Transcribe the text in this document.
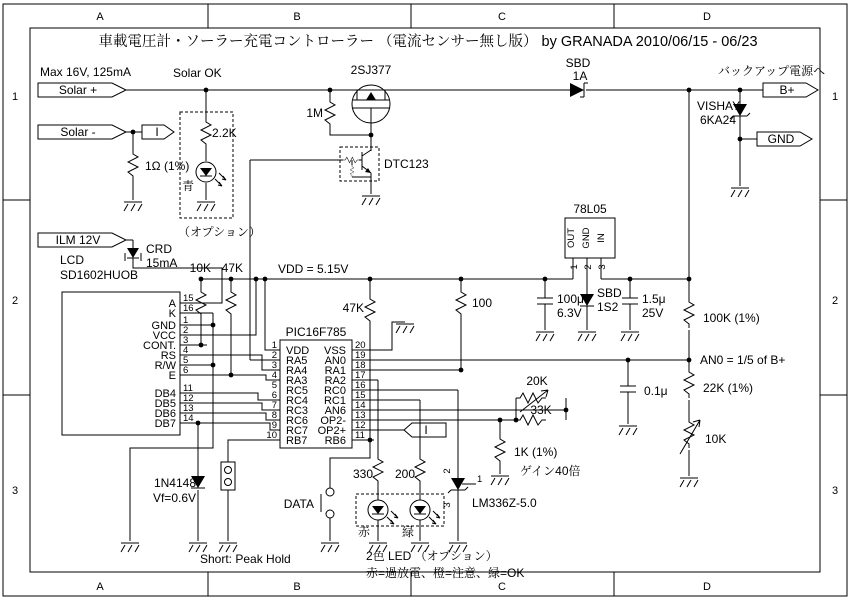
A	B	C	D
A	B	C	D
1
2
3
1
2
3
車載電圧計・ソーラー充電コントローラー （電流センサー無し版） by GRANADA 2010/06/15 - 06/23
Max 16V, 125mA
Solar +
Solar -	I
1Ω (1%)
Solar OK
2.2K
青
（オプション）
2SJ377
1M
DTC123
SBD
1A	バックアップ電源へ
B+
GND
VISHAY
6KA24
ILM 12V
CRD
15mA
LCD
SD1602HUOB	10K 47K	VDD = 5.15V
47K	100
I
PIC16F785
78L05
OUT GND IN
1 2 3
100μ
6.3V
SBD
1S2
1.5μ
25V
0.1μ
100K (1%)
AN0 = 1/5 of B+
22K (1%)
10K
20K
33K
1K (1%)
ゲイン40倍
1N4148
Vf=0.6V
Short: Peak Hold
DATA
330 200
赤	緑
LM336Z-5.0
2
1
3
2色 LED （オプション）
赤=過放電、橙=注意、緑=OK
A
K
GND
VCC
CONT.
RS
R/W
E
DB4
DB5
DB6
DB7
15
16
1
2
3
4
5
6
11
12
13
14
VDD
RA5
RA4
RA3
RC5
RC4
RC3
RC6
RC7
RB7
VSS
AN0
RA1
RA2
RC0
RC1
AN6
OP2-
OP2+
RB6
1
2
3
4
5
6
7
8
9
10
20
19
18
17
16
15
14
13
12
11
